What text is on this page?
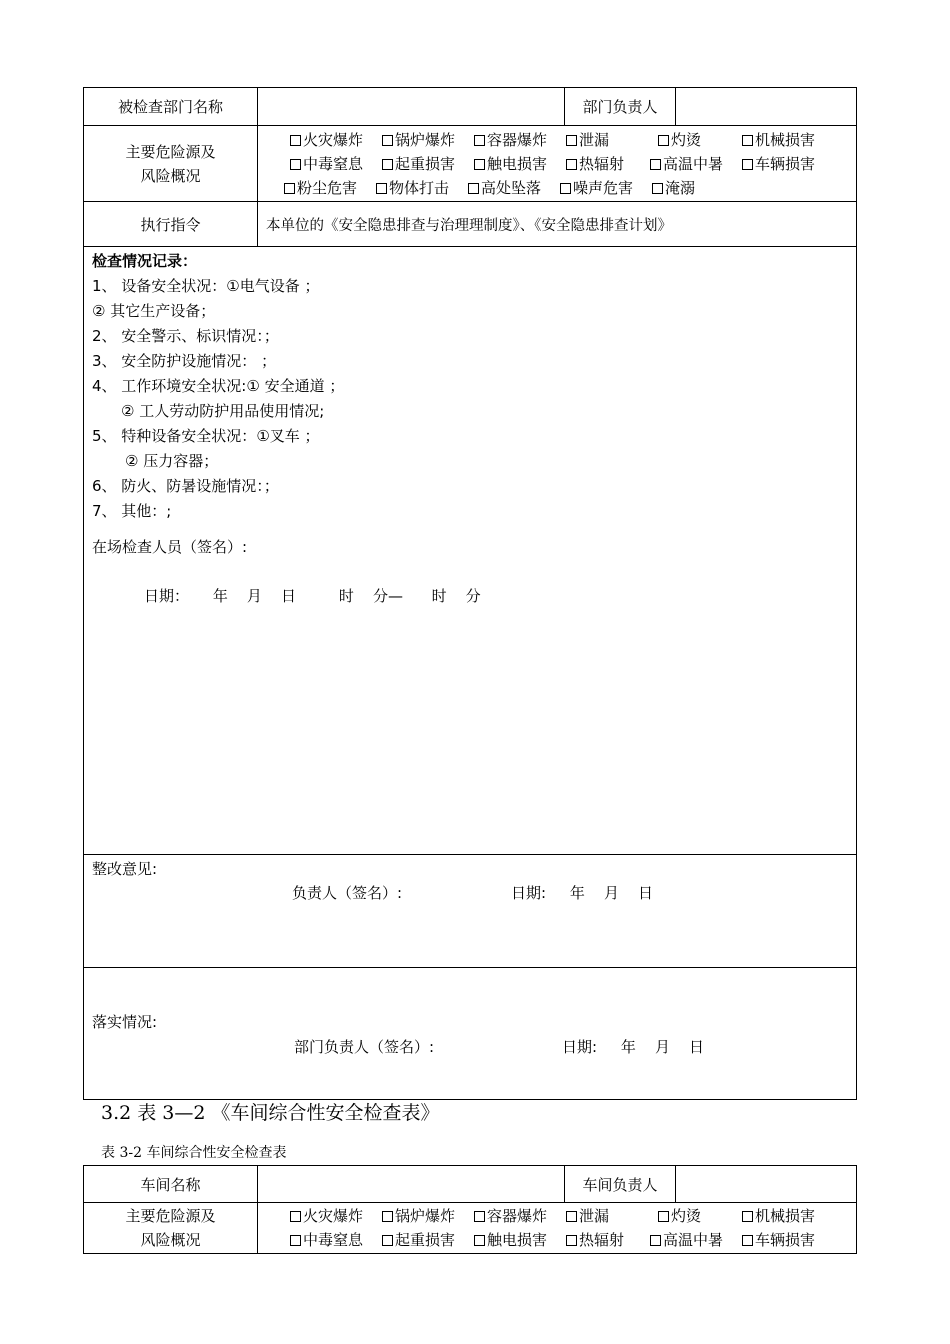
被检查部门名称	部门负责人
主要危险源及
风险概况
火灾爆炸	锅炉爆炸	容器爆炸	泄漏	灼烫	机械损害
中毒窒息	起重损害	触电损害	热辐射	高温中暑	车辆损害
粉尘危害	物体打击	高处坠落	噪声危害	淹溺
执行指令	本单位的《安全隐患排查与治理理制度》、《安全隐患排查计划》
检查情况记录：
1、 设备安全状况：①电气设备 ；
② 其它生产设备；
2、 安全警示、标识情况：；
3、 安全防护设施情况： ；
4、 工作环境安全状况:① 安全通道 ；
② 工人劳动防护用品使用情况;
5、 特种设备安全状况：①叉车 ；
② 压力容器；
6、 防火、防暑设施情况：；
7、 其他：;
在场检查人员（签名）:
日期：     年    月    日         时    分—      时    分
整改意见:
负责人（签名）:	日期:     年    月    日
落实情况:
部门负责人（签名）:	日期:     年    月    日
3.2 表 3—2 《车间综合性安全检查表》
表 3-2 车间综合性安全检查表
车间名称	车间负责人
主要危险源及
风险概况
火灾爆炸	锅炉爆炸	容器爆炸	泄漏	灼烫	机械损害
中毒窒息	起重损害	触电损害	热辐射	高温中暑	车辆损害
